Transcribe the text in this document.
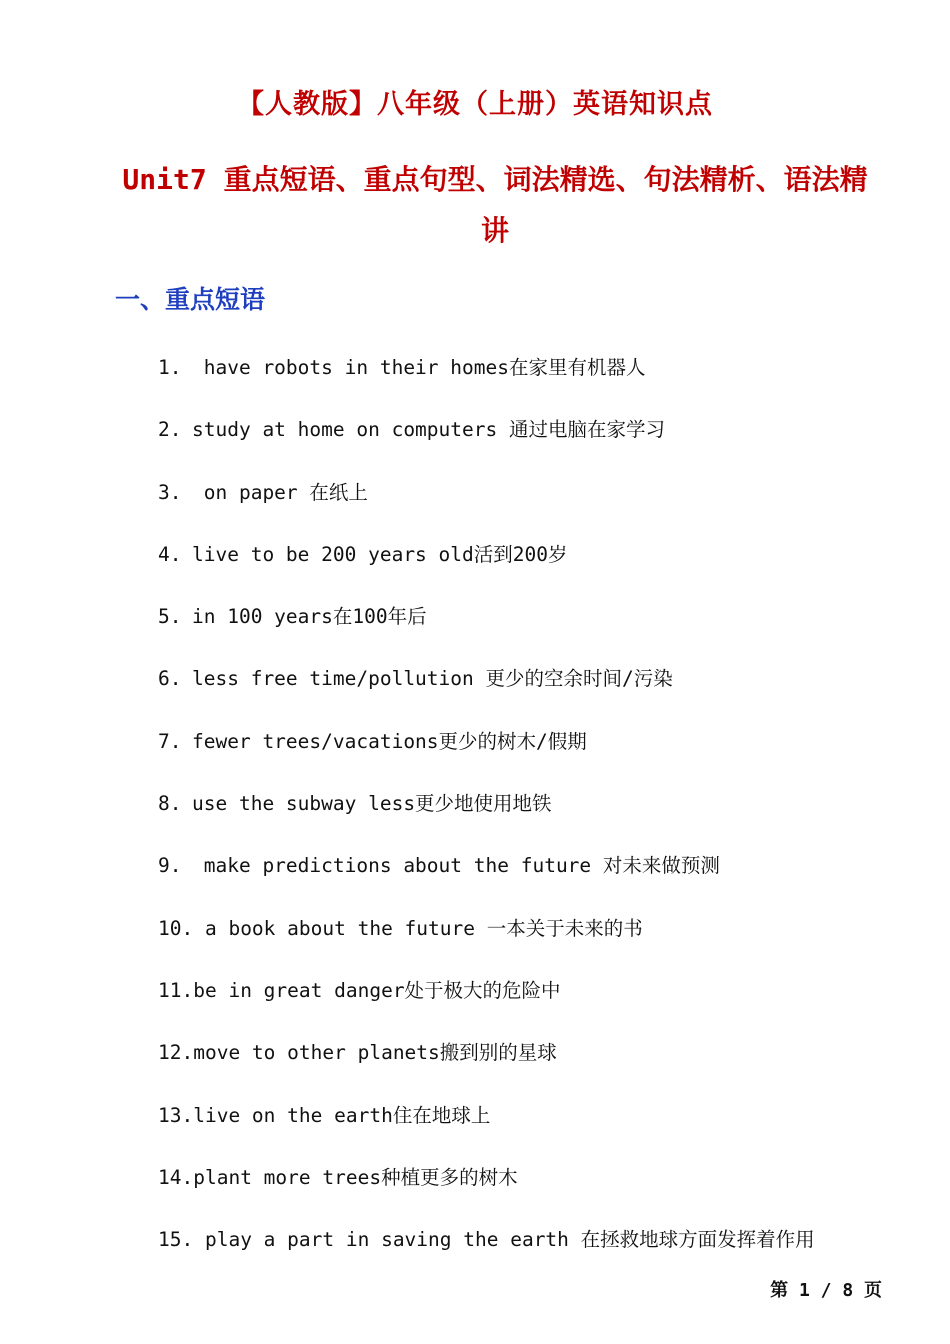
【人教版】八年级（上册）英语知识点
Unit7 重点短语、重点句型、词法精选、句法精析、语法精讲
一、重点短语
1. have robots in their homes在家里有机器人
2. study at home on computers 通过电脑在家学习
3. on paper 在纸上
4. live to be 200 years old活到200岁
5. in 100 years在100年后
6. less free time/pollution 更少的空余时间/污染
7. fewer trees/vacations更少的树木/假期
8. use the subway less更少地使用地铁
9. make predictions about the future 对未来做预测
10. a book about the future 一本关于未来的书
11.be in great danger处于极大的危险中
12.move to other planets搬到别的星球
13.live on the earth住在地球上
14.plant more trees种植更多的树木
15. play a part in saving the earth 在拯救地球方面发挥着作用
第 1 / 8 页
